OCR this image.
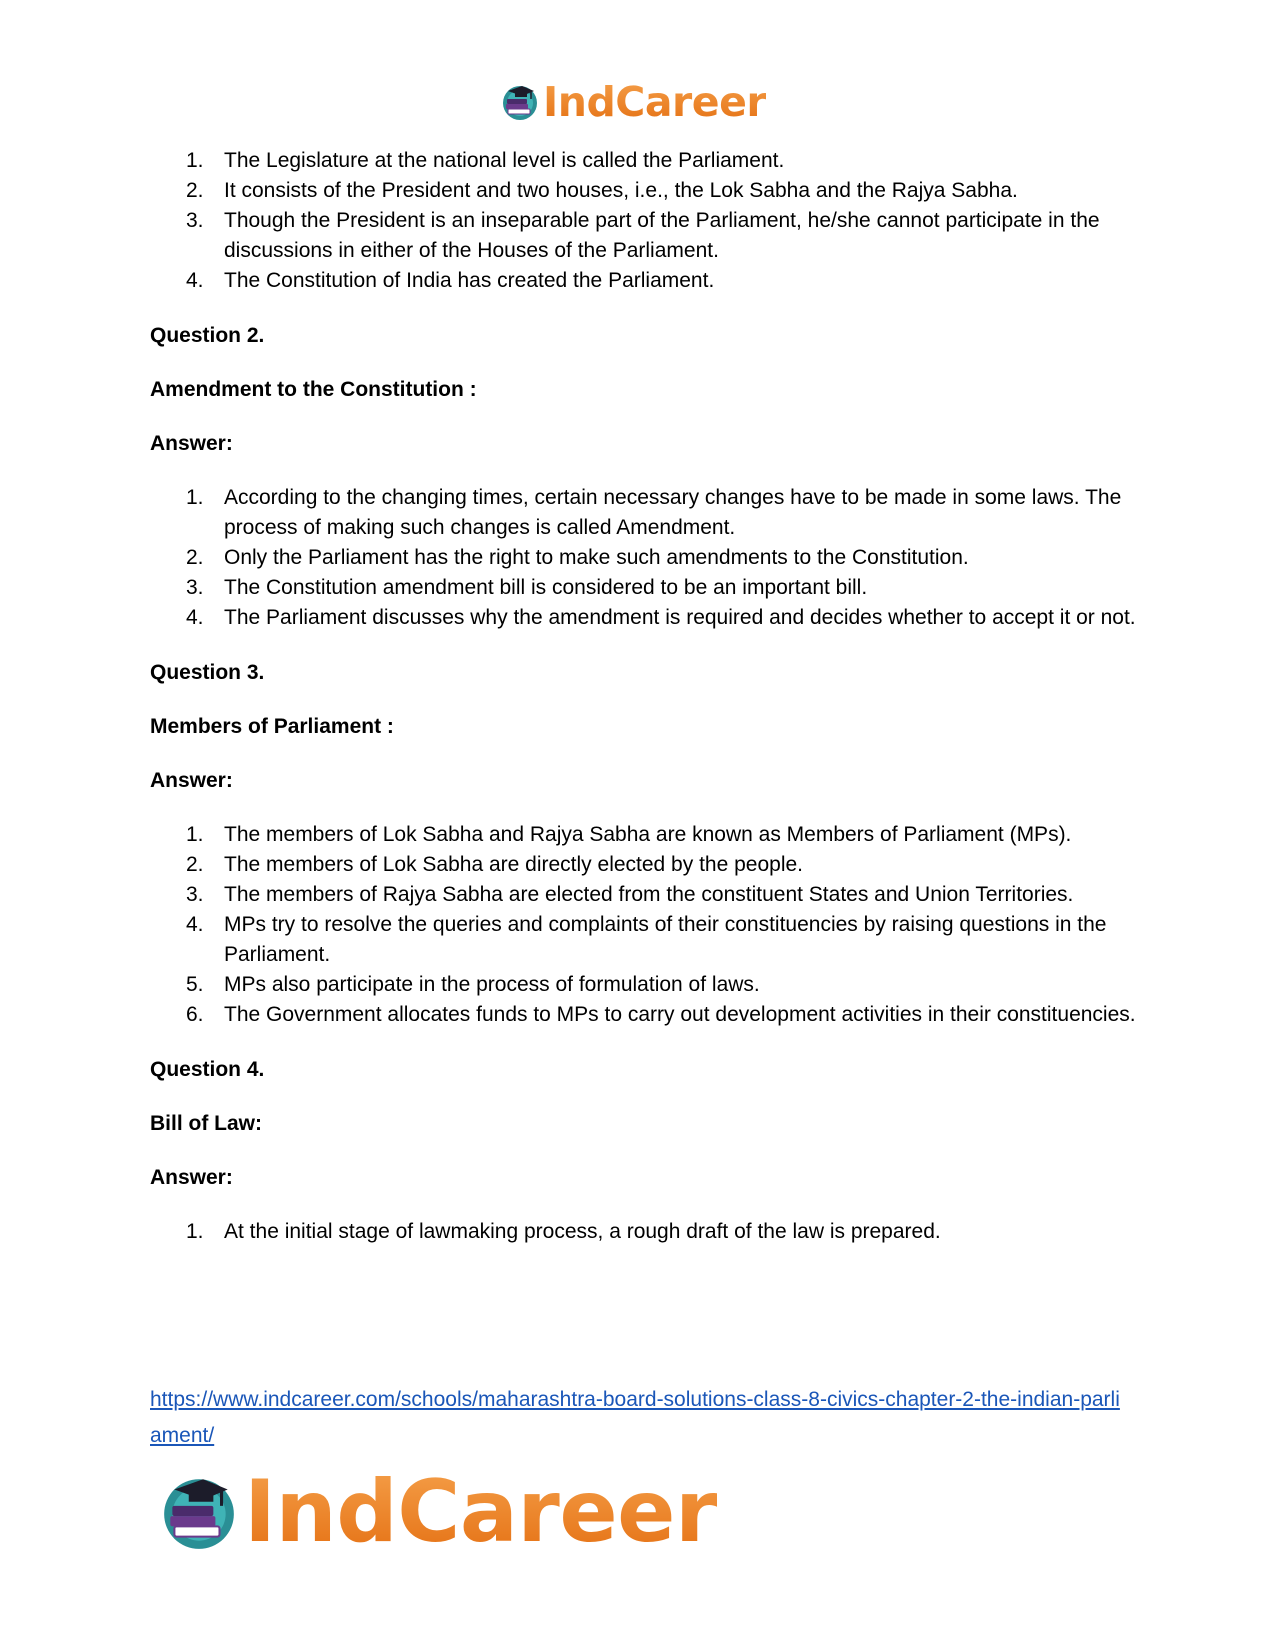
IndCareer
1. The Legislature at the national level is called the Parliament.
2. It consists of the President and two houses, i.e., the Lok Sabha and the Rajya Sabha.
3. Though the President is an inseparable part of the Parliament, he/she cannot participate in the discussions in either of the Houses of the Parliament.
4. The Constitution of India has created the Parliament.
Question 2.
Amendment to the Constitution :
Answer:
1. According to the changing times, certain necessary changes have to be made in some laws. The process of making such changes is called Amendment.
2. Only the Parliament has the right to make such amendments to the Constitution.
3. The Constitution amendment bill is considered to be an important bill.
4. The Parliament discusses why the amendment is required and decides whether to accept it or not.
Question 3.
Members of Parliament :
Answer:
1. The members of Lok Sabha and Rajya Sabha are known as Members of Parliament (MPs).
2. The members of Lok Sabha are directly elected by the people.
3. The members of Rajya Sabha are elected from the constituent States and Union Territories.
4. MPs try to resolve the queries and complaints of their constituencies by raising questions in the Parliament.
5. MPs also participate in the process of formulation of laws.
6. The Government allocates funds to MPs to carry out development activities in their constituencies.
Question 4.
Bill of Law:
Answer:
1. At the initial stage of lawmaking process, a rough draft of the law is prepared.
https://www.indcareer.com/schools/maharashtra-board-solutions-class-8-civics-chapter-2-the-indian-parliament/
IndCareer
